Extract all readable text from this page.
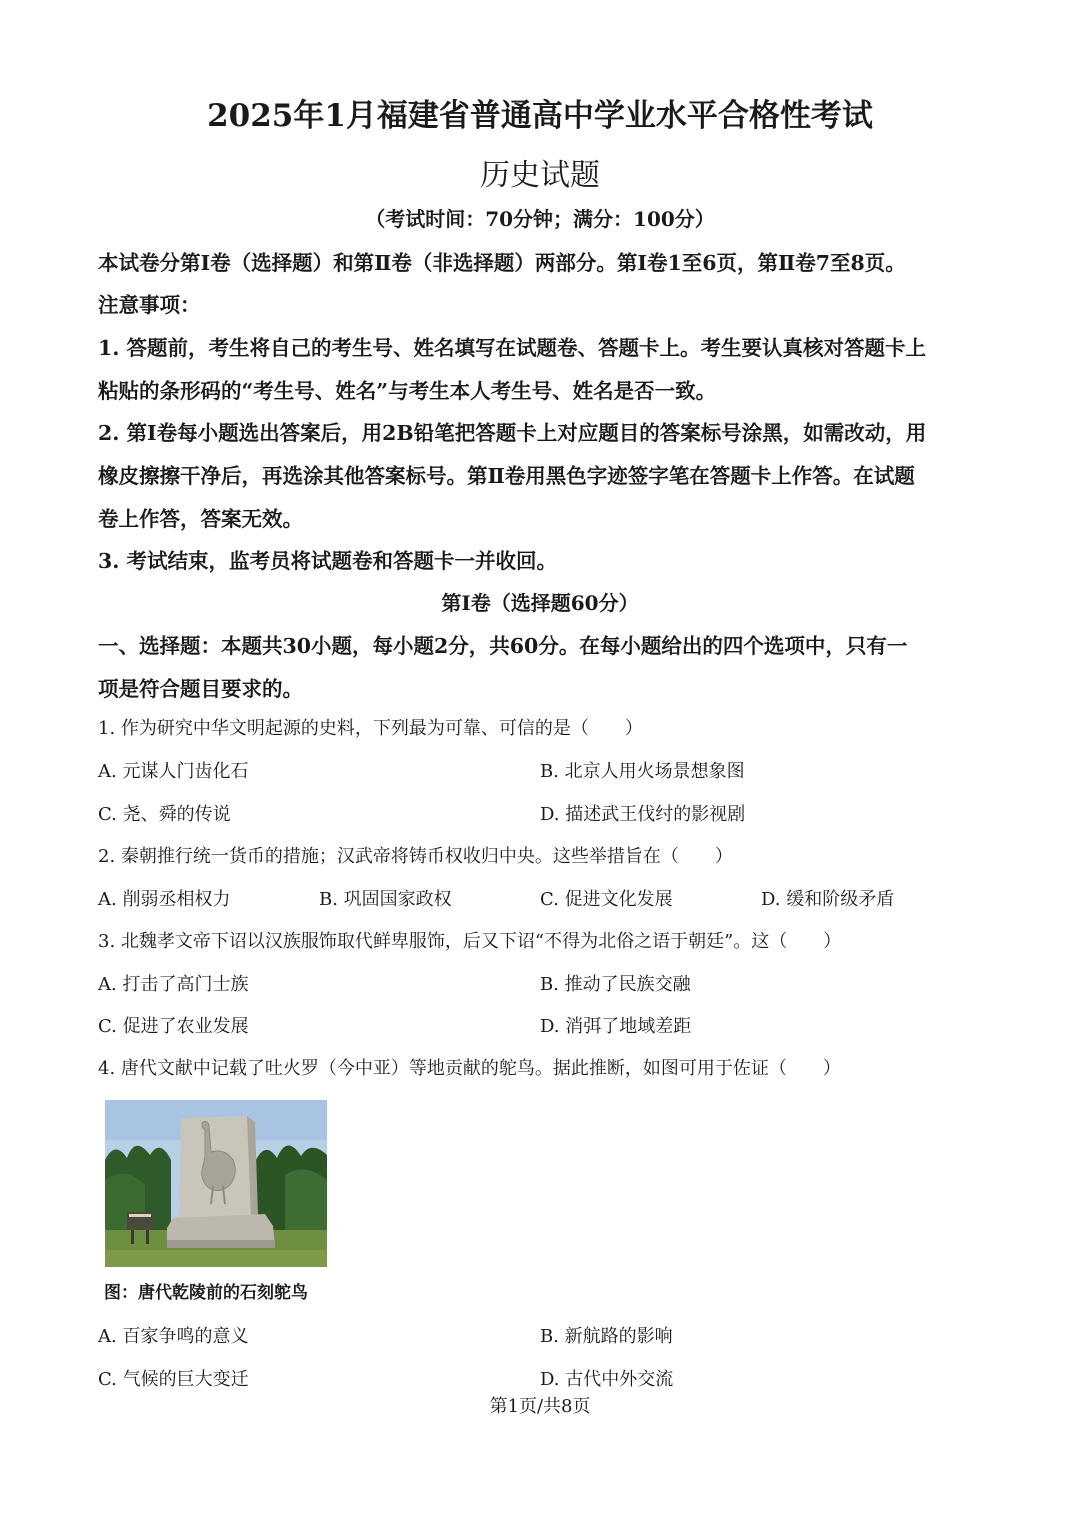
2025年1月福建省普通高中学业水平合格性考试
历史试题
（考试时间：70分钟；满分：100分）
本试卷分第Ⅰ卷（选择题）和第Ⅱ卷（非选择题）两部分。第Ⅰ卷1至6页，第Ⅱ卷7至8页。
注意事项：
1. 答题前，考生将自己的考生号、姓名填写在试题卷、答题卡上。考生要认真核对答题卡上
粘贴的条形码的“考生号、姓名”与考生本人考生号、姓名是否一致。
2. 第Ⅰ卷每小题选出答案后，用2B铅笔把答题卡上对应题目的答案标号涂黑，如需改动，用
橡皮擦擦干净后，再选涂其他答案标号。第Ⅱ卷用黑色字迹签字笔在答题卡上作答。在试题
卷上作答，答案无效。
3. 考试结束，监考员将试题卷和答题卡一并收回。
第Ⅰ卷（选择题60分）
一、选择题：本题共30小题，每小题2分，共60分。在每小题给出的四个选项中，只有一
项是符合题目要求的。
1. 作为研究中华文明起源的史料，下列最为可靠、可信的是（　　）
A. 元谋人门齿化石	B. 北京人用火场景想象图
C. 尧、舜的传说	D. 描述武王伐纣的影视剧
2. 秦朝推行统一货币的措施；汉武帝将铸币权收归中央。这些举措旨在（　　）
A. 削弱丞相权力	B. 巩固国家政权	C. 促进文化发展	D. 缓和阶级矛盾
3. 北魏孝文帝下诏以汉族服饰取代鲜卑服饰，后又下诏“不得为北俗之语于朝廷”。这（　　）
A. 打击了高门士族	B. 推动了民族交融
C. 促进了农业发展	D. 消弭了地域差距
4. 唐代文献中记载了吐火罗（今中亚）等地贡献的鸵鸟。据此推断，如图可用于佐证（　　）
图：唐代乾陵前的石刻鸵鸟
A. 百家争鸣的意义	B. 新航路的影响
C. 气候的巨大变迁	D. 古代中外交流
第1页/共8页
